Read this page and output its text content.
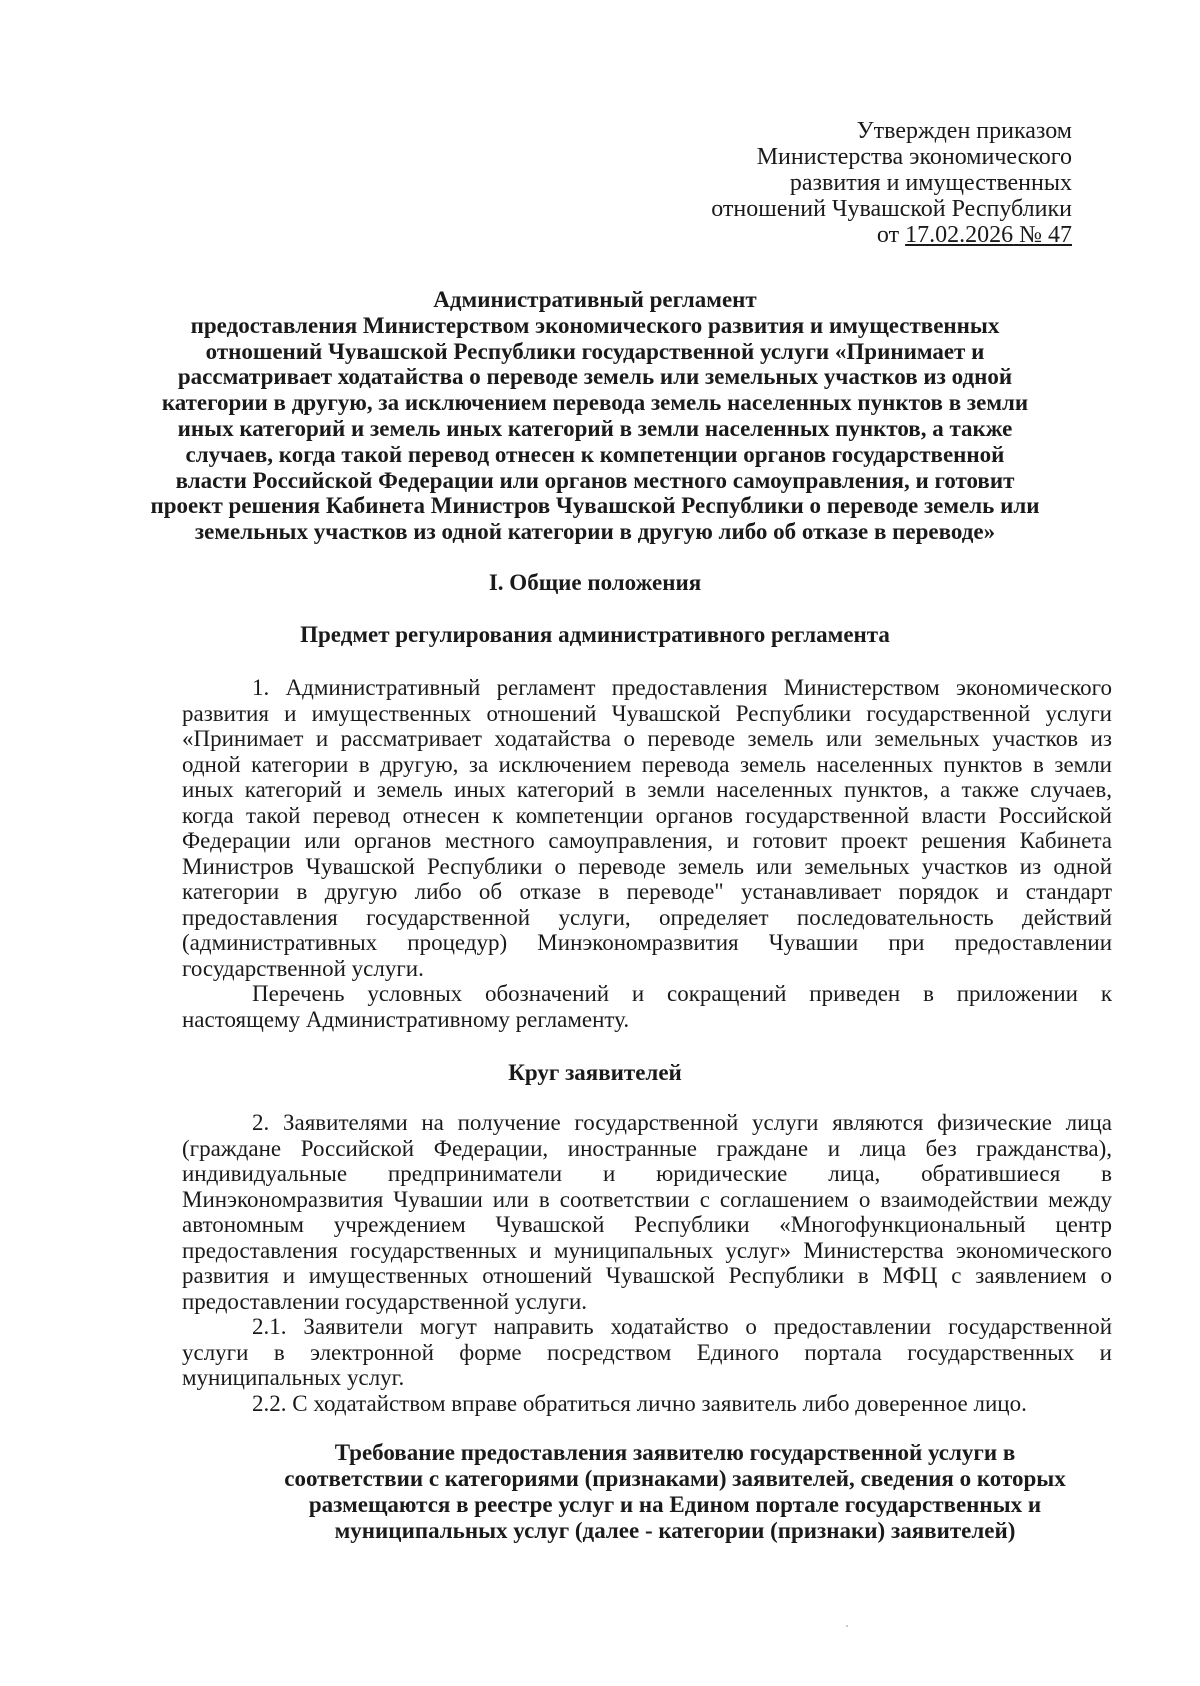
Утвержден приказом
Министерства экономического
развития и имущественных
отношений Чувашской Республики
от 17.02.2026 № 47
Административный регламент
предоставления Министерством экономического развития и имущественных
отношений Чувашской Республики государственной услуги «Принимает и
рассматривает ходатайства о переводе земель или земельных участков из одной
категории в другую, за исключением перевода земель населенных пунктов в земли
иных категорий и земель иных категорий в земли населенных пунктов, а также
случаев, когда такой перевод отнесен к компетенции органов государственной
власти Российской Федерации или органов местного самоуправления, и готовит
проект решения Кабинета Министров Чувашской Республики о переводе земель или
земельных участков из одной категории в другую либо об отказе в переводе»
I. Общие положения
Предмет регулирования административного регламента
1. Административный регламент предоставления Министерством экономического
развития и имущественных отношений Чувашской Республики государственной услуги
«Принимает и рассматривает ходатайства о переводе земель или земельных участков из
одной категории в другую, за исключением перевода земель населенных пунктов в земли
иных категорий и земель иных категорий в земли населенных пунктов, а также случаев,
когда такой перевод отнесен к компетенции органов государственной власти Российской
Федерации или органов местного самоуправления, и готовит проект решения Кабинета
Министров Чувашской Республики о переводе земель или земельных участков из одной
категории в другую либо об отказе в переводе" устанавливает порядок и стандарт
предоставления государственной услуги, определяет последовательность действий
(административных процедур) Минэкономразвития Чувашии при предоставлении
государственной услуги.
Перечень условных обозначений и сокращений приведен в приложении к
настоящему Административному регламенту.
Круг заявителей
2. Заявителями на получение государственной услуги являются физические лица
(граждане Российской Федерации, иностранные граждане и лица без гражданства),
индивидуальные предприниматели и юридические лица, обратившиеся в
Минэкономразвития Чувашии или в соответствии с соглашением о взаимодействии между
автономным учреждением Чувашской Республики «Многофункциональный центр
предоставления государственных и муниципальных услуг» Министерства экономического
развития и имущественных отношений Чувашской Республики в МФЦ с заявлением о
предоставлении государственной услуги.
2.1. Заявители могут направить ходатайство о предоставлении государственной
услуги в электронной форме посредством Единого портала государственных и
муниципальных услуг.
2.2. С ходатайством вправе обратиться лично заявитель либо доверенное лицо.
Требование предоставления заявителю государственной услуги в
соответствии с категориями (признаками) заявителей, сведения о которых
размещаются в реестре услуг и на Едином портале государственных и
муниципальных услуг (далее - категории (признаки) заявителей)
